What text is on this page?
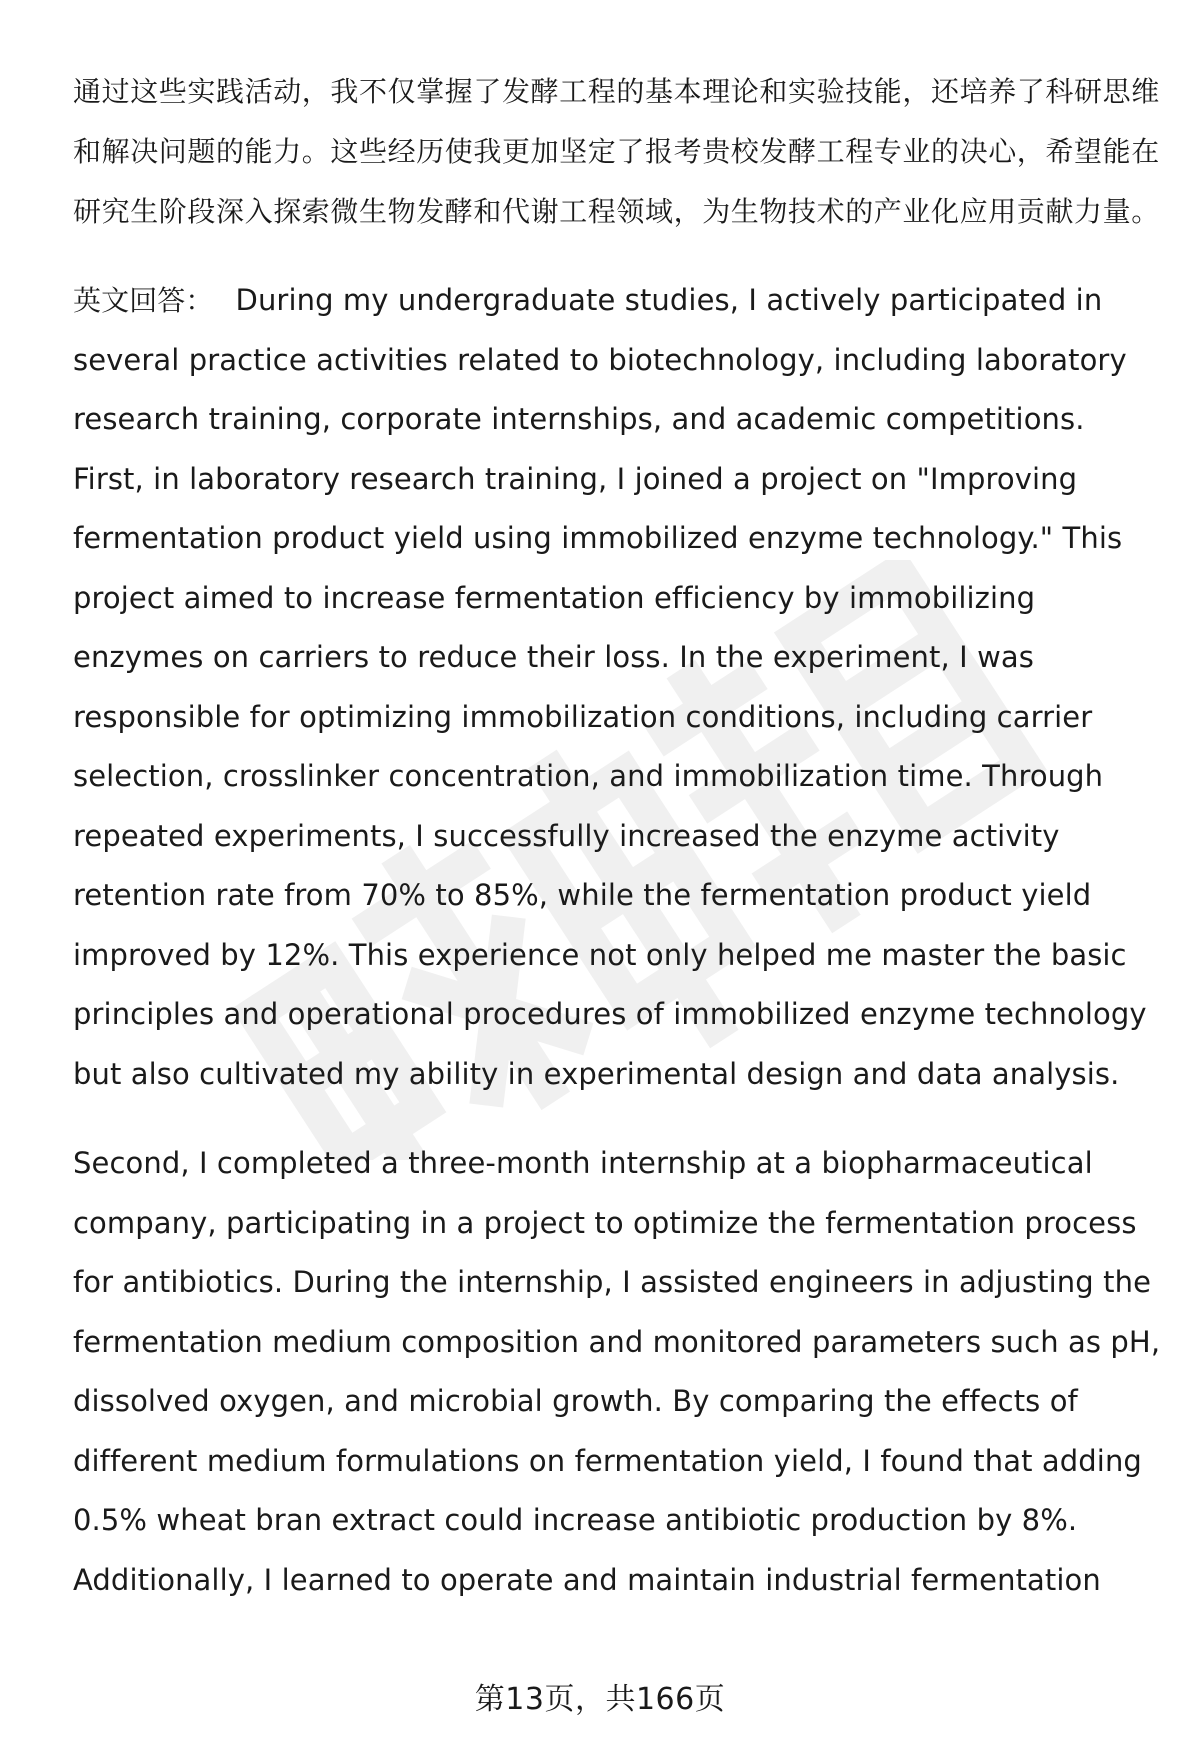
通过这些实践活动，我不仅掌握了发酵工程的基本理论和实验技能，还培养了科研思维和解决问题的能力。这些经历使我更加坚定了报考贵校发酵工程专业的决心，希望能在研究生阶段深入探索微生物发酵和代谢工程领域，为生物技术的产业化应用贡献力量。

英文回答： During my undergraduate studies, I actively participated in several practice activities related to biotechnology, including laboratory research training, corporate internships, and academic competitions. First, in laboratory research training, I joined a project on "Improving fermentation product yield using immobilized enzyme technology." This project aimed to increase fermentation efficiency by immobilizing enzymes on carriers to reduce their loss. In the experiment, I was responsible for optimizing immobilization conditions, including carrier selection, crosslinker concentration, and immobilization time. Through repeated experiments, I successfully increased the enzyme activity retention rate from 70% to 85%, while the fermentation product yield improved by 12%. This experience not only helped me master the basic principles and operational procedures of immobilized enzyme technology but also cultivated my ability in experimental design and data analysis.

Second, I completed a three-month internship at a biopharmaceutical company, participating in a project to optimize the fermentation process for antibiotics. During the internship, I assisted engineers in adjusting the fermentation medium composition and monitored parameters such as pH, dissolved oxygen, and microbial growth. By comparing the effects of different medium formulations on fermentation yield, I found that adding 0.5% wheat bran extract could increase antibiotic production by 8%. Additionally, I learned to operate and maintain industrial fermentation

第13页，共166页
